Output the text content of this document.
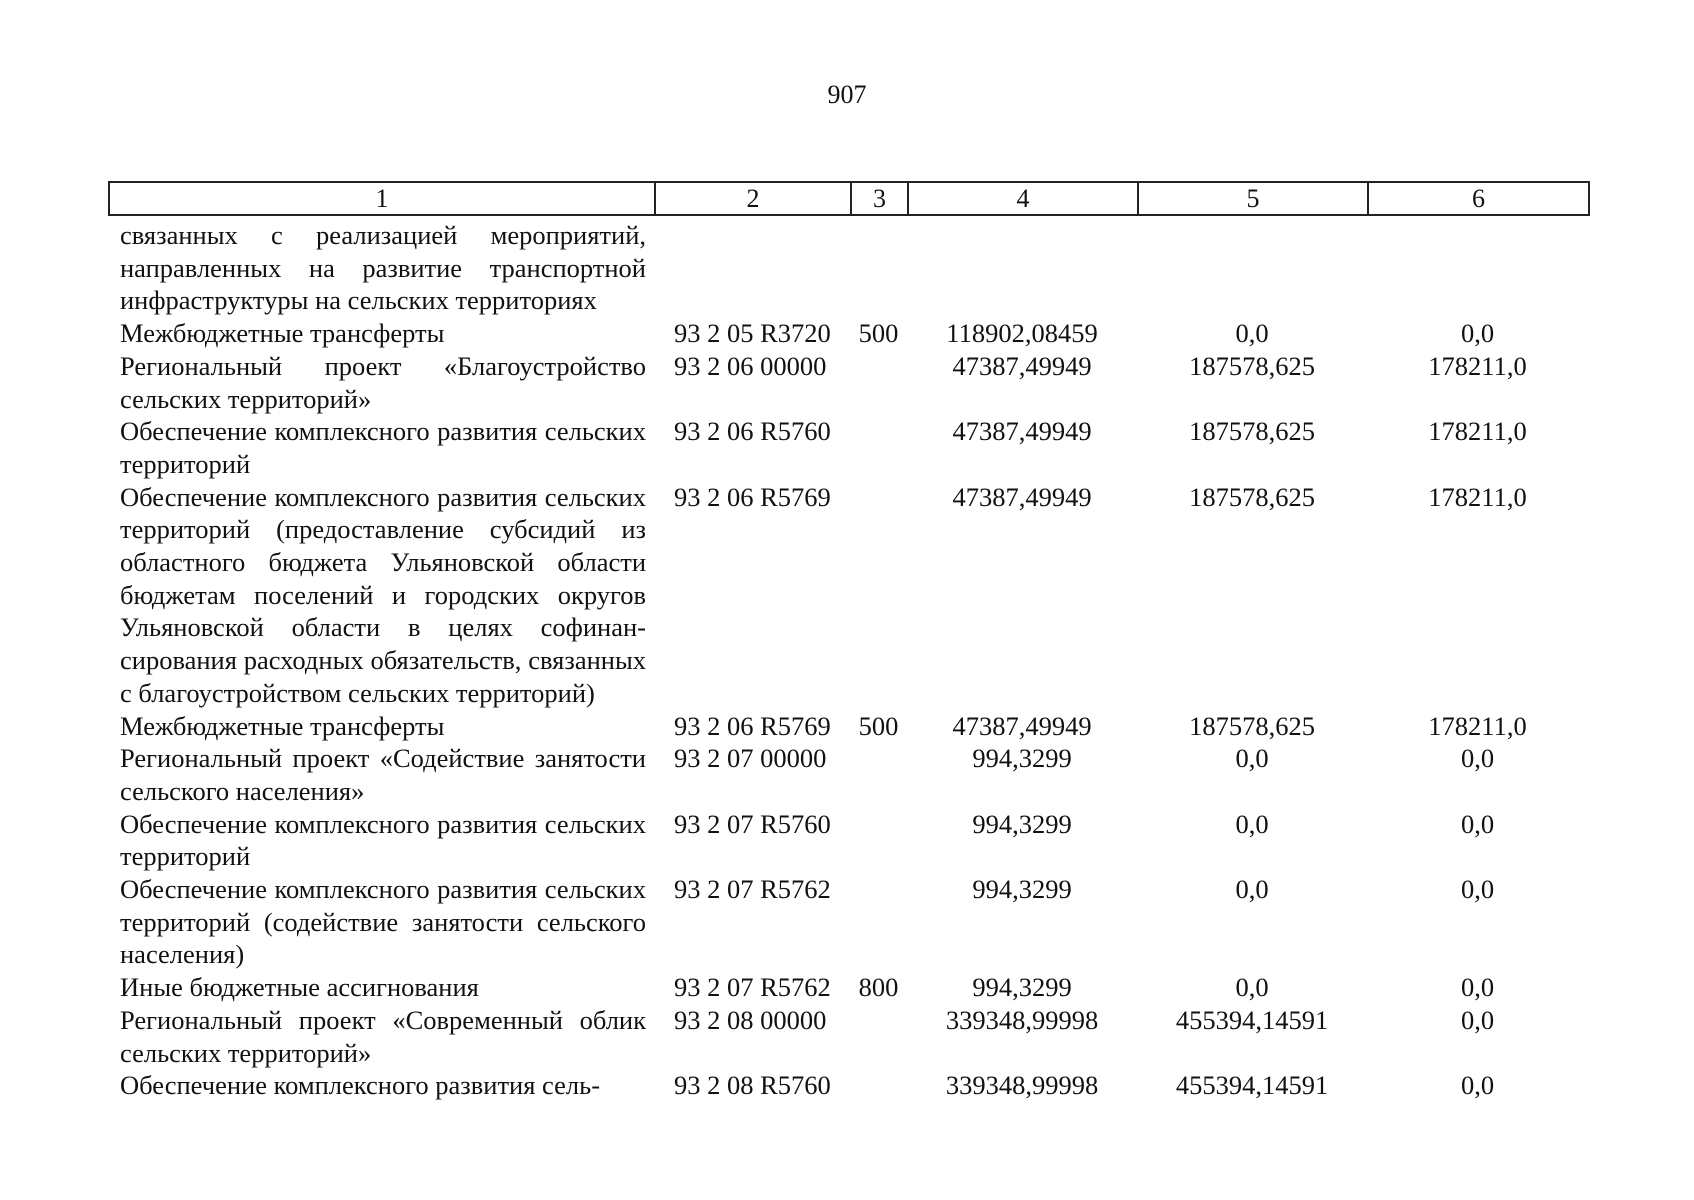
907
1	2	3	4	5	6
связанных с реализацией мероприятий, направленных на развитие транспортной инфраструктуры на сельских территориях					
Межбюджетные трансферты	93 2 05 R3720	500	118902,08459	0,0	0,0
Региональный проект «Благоустройство сельских территорий»	93 2 06 00000		47387,49949	187578,625	178211,0
Обеспечение комплексного развития сельских территорий	93 2 06 R5760		47387,49949	187578,625	178211,0
Обеспечение комплексного развития сельских территорий (предоставление субсидий из областного бюджета Ульяновской области бюджетам поселений и городских округов Ульяновской области в целях софинансирования расходных обязательств, связанных с благоустройством сельских территорий)	93 2 06 R5769		47387,49949	187578,625	178211,0
Межбюджетные трансферты	93 2 06 R5769	500	47387,49949	187578,625	178211,0
Региональный проект «Содействие занятости сельского населения»	93 2 07 00000		994,3299	0,0	0,0
Обеспечение комплексного развития сельских территорий	93 2 07 R5760		994,3299	0,0	0,0
Обеспечение комплексного развития сельских территорий (содействие занятости сельского населения)	93 2 07 R5762		994,3299	0,0	0,0
Иные бюджетные ассигнования	93 2 07 R5762	800	994,3299	0,0	0,0
Региональный проект «Современный облик сельских территорий»	93 2 08 00000		339348,99998	455394,14591	0,0
Обеспечение комплексного развития сель-	93 2 08 R5760		339348,99998	455394,14591	0,0
